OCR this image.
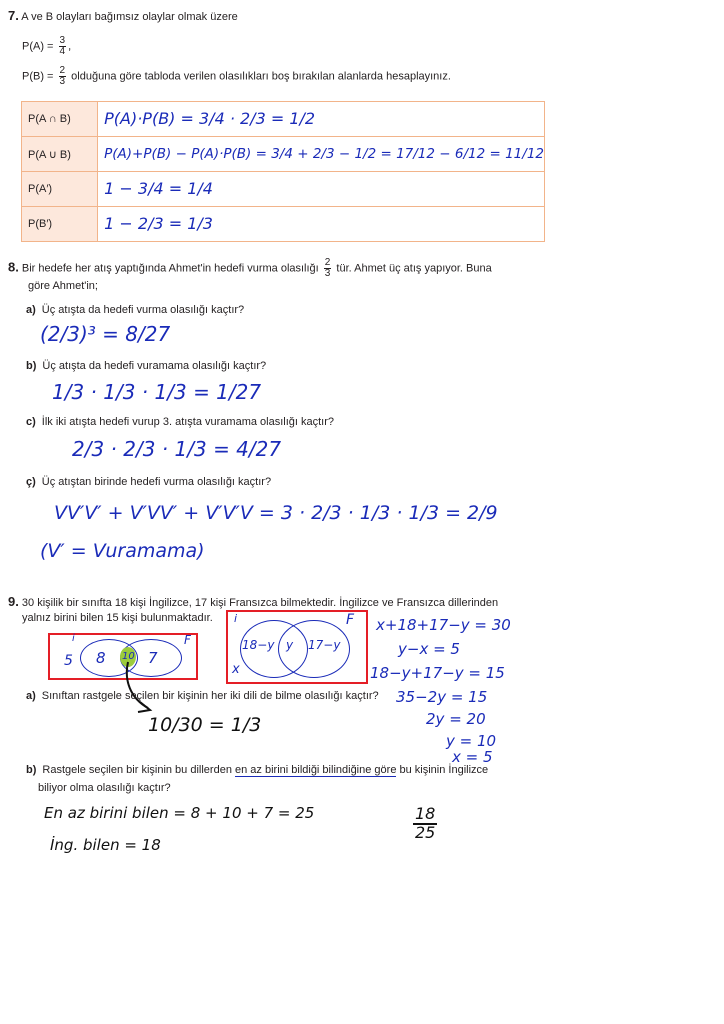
7. A ve B olayları bağımsız olaylar olmak üzere
$P(A) = \frac{3}{4}$ ,
$P(B) = \frac{2}{3}$ olduğuna göre tabloda verilen olasılıkları boş bırakılan alanlarda hesaplayınız.
P(A ∩ B)	P(A)·P(B) = 3/4 · 2/3 = 1/2
P(A ∪ B)	P(A)+P(B) − P(A)·P(B) = 3/4 + 2/3 − 1/2 = 17/12 − 6/12 = 11/12
P(A′)	1 − 3/4 = 1/4
P(B′)	1 − 2/3 = 1/3
8. Bir hedefe her atış yaptığında Ahmet'in hedefi vurma olasılığı $\frac{2}{3}$ tür. Ahmet üç atış yapıyor. Buna
göre Ahmet'in;
a) Üç atışta da hedefi vurma olasılığı kaçtır?
(2/3)³ = 8/27
b) Üç atışta da hedefi vuramama olasılığı kaçtır?
1/3 · 1/3 · 1/3 = 1/27
c) İlk iki atışta hedefi vurup 3. atışta vuramama olasılığı kaçtır?
2/3 · 2/3 · 1/3 = 4/27
ç) Üç atıştan birinde hedefi vurma olasılığı kaçtır?
VV′V′ + V′VV′ + V′V′V = 3 · 2/3 · 1/3 · 1/3 = 2/9
(V′ = Vuramama)
9. 30 kişilik bir sınıfta 18 kişi İngilizce, 17 kişi Fransızca bilmektedir. İngilizce ve Fransızca dillerinden
yalnız birini bilen 15 kişi bulunmaktadır.
i	F
5 8 10 7
i	F
x
18−y y 17−y
x+18+17−y = 30
y−x = 5
18−y+17−y = 15
35−2y = 15
2y = 20
y = 10
x = 5
a) Sınıftan rastgele seçilen bir kişinin her iki dili de bilme olasılığı kaçtır?
10/30 = 1/3
b) Rastgele seçilen bir kişinin bu dillerden en az birini bildiği bilindiğine göre bu kişinin İngilizce
biliyor olma olasılığı kaçtır?
En az birini bilen = 8 + 10 + 7 = 25
İng. bilen = 18
$\frac{18}{25}$
